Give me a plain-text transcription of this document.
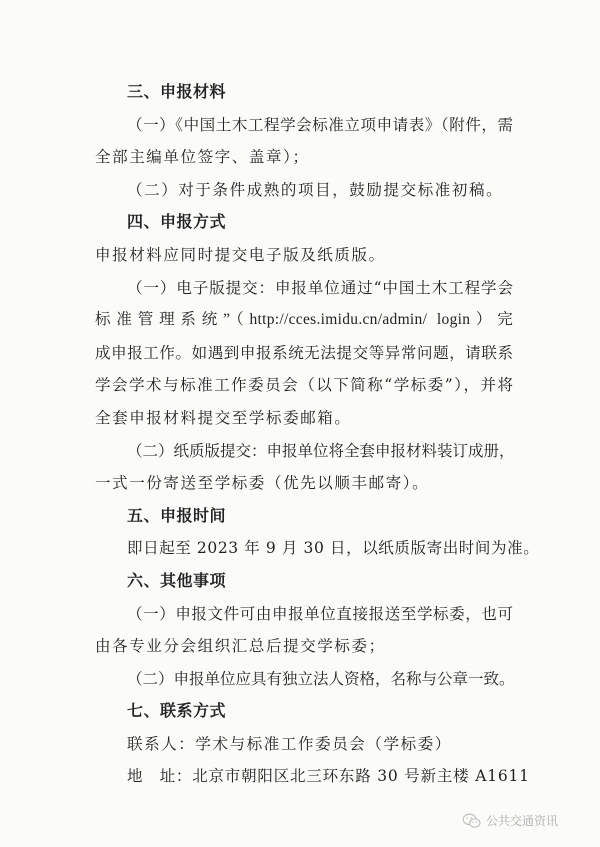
三、申报材料
（一）《中国土木工程学会标准立项申请表》（附件，需
全部主编单位签字、盖章）；
（二）对于条件成熟的项目，鼓励提交标准初稿。
四、申报方式
申报材料应同时提交电子版及纸质版。
（一）电子版提交：申报单位通过“中国土木工程学会
标准管理系统”（http://cces.imidu.cn/admin/ login）完
成申报工作。如遇到申报系统无法提交等异常问题，请联系
学会学术与标准工作委员会（以下简称“学标委”），并将
全套申报材料提交至学标委邮箱。
（二）纸质版提交：申报单位将全套申报材料装订成册，
一式一份寄送至学标委（优先以顺丰邮寄）。
五、申报时间
即日起至 2023 年 9 月 30 日，以纸质版寄出时间为准。
六、其他事项
（一）申报文件可由申报单位直接报送至学标委，也可
由各专业分会组织汇总后提交学标委；
（二）申报单位应具有独立法人资格，名称与公章一致。
七、联系方式
联系人：学术与标准工作委员会（学标委）
地　址：北京市朝阳区北三环东路 30 号新主楼 A1611
公共交通资讯
